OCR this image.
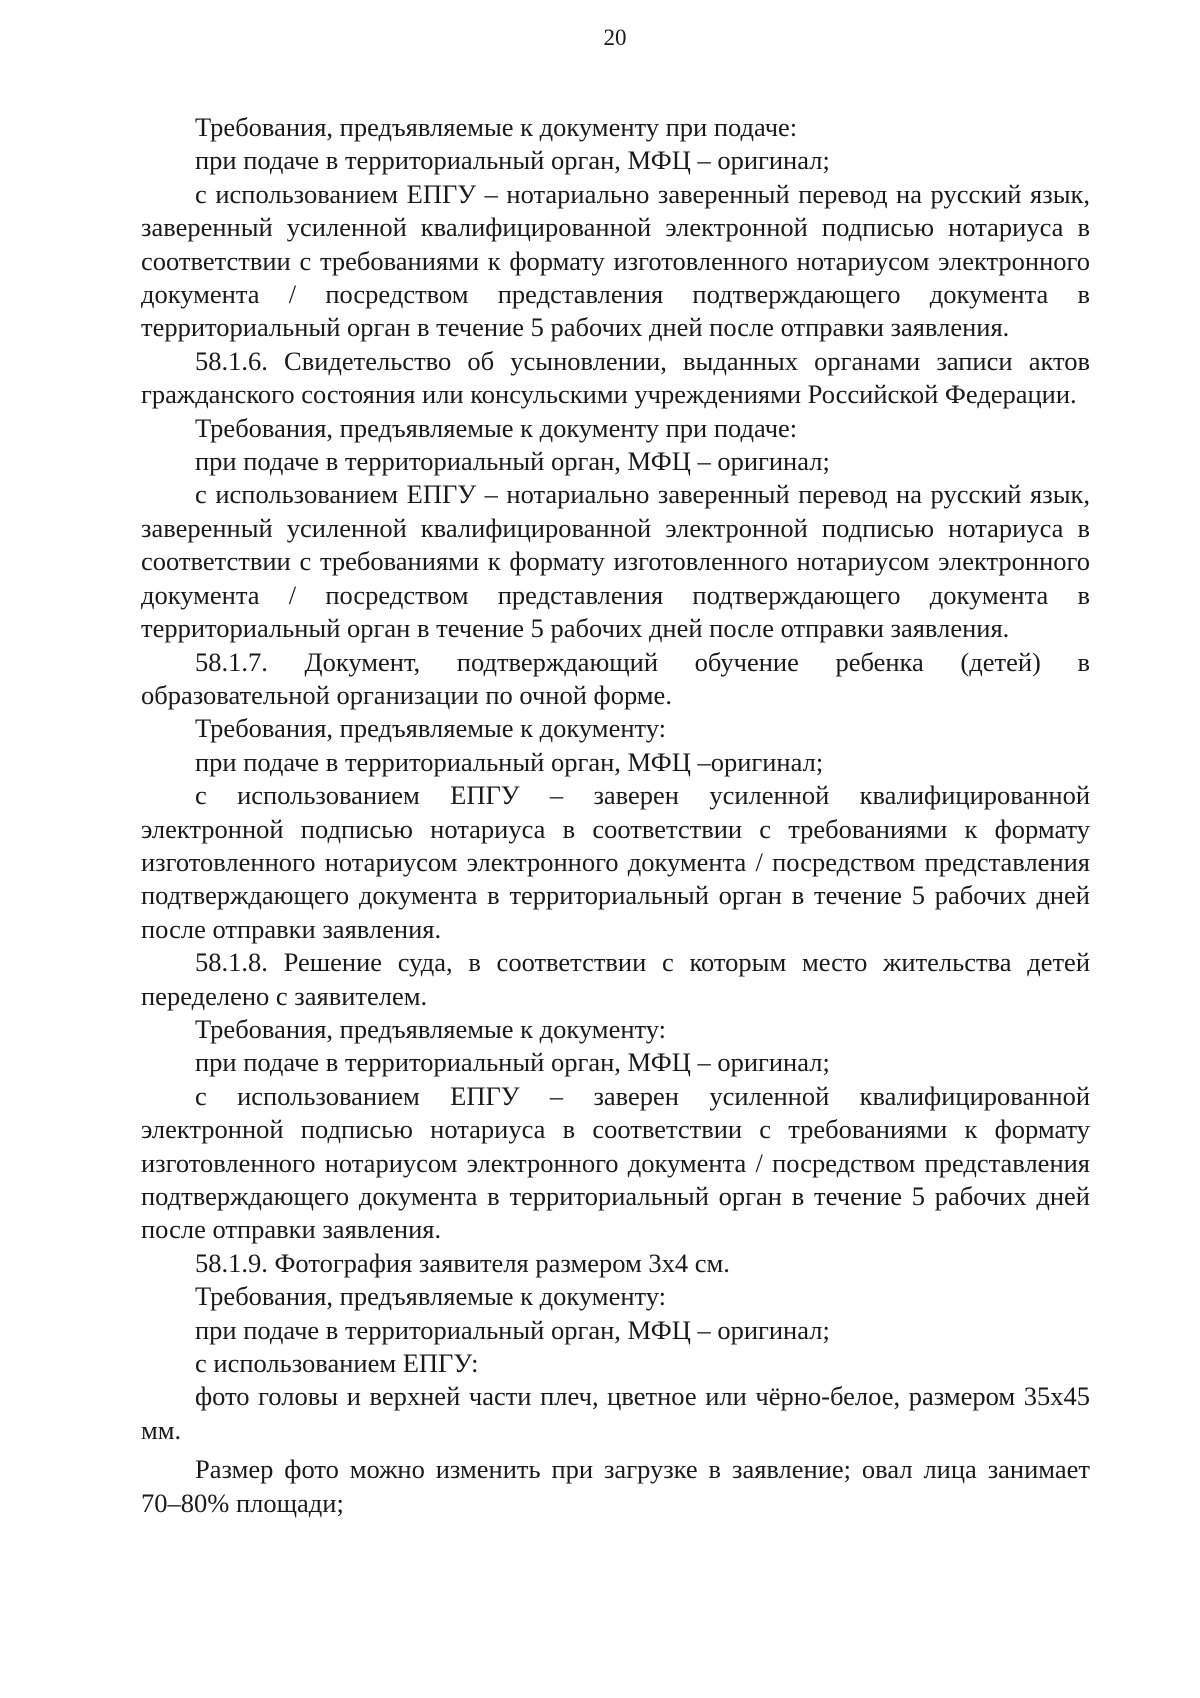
20

Требования, предъявляемые к документу при подаче:

при подаче в территориальный орган, МФЦ – оригинал;

с использованием ЕПГУ – нотариально заверенный перевод на русский язык, заверенный усиленной квалифицированной электронной подписью нотариуса в соответствии с требованиями к формату изготовленного нотариусом электронного документа / посредством представления подтверждающего документа в территориальный орган в течение 5 рабочих дней после отправки заявления.

58.1.6. Свидетельство об усыновлении, выданных органами записи актов гражданского состояния или консульскими учреждениями Российской Федерации.

Требования, предъявляемые к документу при подаче:

при подаче в территориальный орган, МФЦ – оригинал;

с использованием ЕПГУ – нотариально заверенный перевод на русский язык, заверенный усиленной квалифицированной электронной подписью нотариуса в соответствии с требованиями к формату изготовленного нотариусом электронного документа / посредством представления подтверждающего документа в территориальный орган в течение 5 рабочих дней после отправки заявления.

58.1.7. Документ, подтверждающий обучение ребенка (детей) в образовательной организации по очной форме.

Требования, предъявляемые к документу:

при подаче в территориальный орган, МФЦ –оригинал;

с использованием ЕПГУ – заверен усиленной квалифицированной электронной подписью нотариуса в соответствии с требованиями к формату изготовленного нотариусом электронного документа / посредством представления подтверждающего документа в территориальный орган в течение 5 рабочих дней после отправки заявления.

58.1.8. Решение суда, в соответствии с которым место жительства детей переделено с заявителем.

Требования, предъявляемые к документу:

при подаче в территориальный орган, МФЦ – оригинал;

с использованием ЕПГУ – заверен усиленной квалифицированной электронной подписью нотариуса в соответствии с требованиями к формату изготовленного нотариусом электронного документа / посредством представления подтверждающего документа в территориальный орган в течение 5 рабочих дней после отправки заявления.

58.1.9. Фотография заявителя размером 3х4 см.

Требования, предъявляемые к документу:

при подаче в территориальный орган, МФЦ – оригинал;

с использованием ЕПГУ:

фото головы и верхней части плеч, цветное или чёрно-белое, размером 35х45 мм.

Размер фото можно изменить при загрузке в заявление; овал лица занимает 70–80% площади;
